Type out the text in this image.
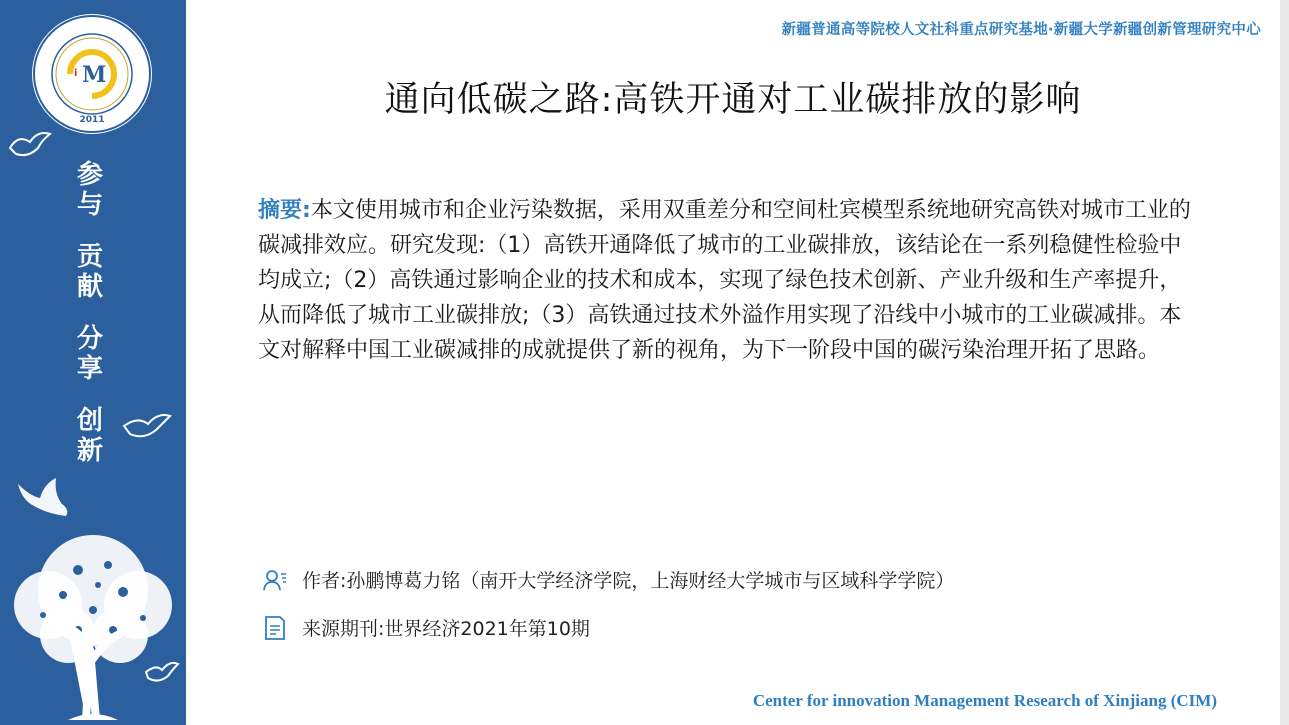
M
i
2011
参
与
贡
献
分
享
创
新
新疆普通高等院校人文社科重点研究基地·新疆大学新疆创新管理研究中心
通向低碳之路:高铁开通对工业碳排放的影响
摘要:本文使用城市和企业污染数据，采用双重差分和空间杜宾模型系统地研究高铁对城市工业的碳减排效应。研究发现:（1）高铁开通降低了城市的工业碳排放，该结论在一系列稳健性检验中均成立;（2）高铁通过影响企业的技术和成本，实现了绿色技术创新、产业升级和生产率提升，从而降低了城市工业碳排放;（3）高铁通过技术外溢作用实现了沿线中小城市的工业碳减排。本文对解释中国工业碳减排的成就提供了新的视角，为下一阶段中国的碳污染治理开拓了思路。
作者:孙鹏博葛力铭（南开大学经济学院，上海财经大学城市与区域科学学院）
来源期刊:世界经济2021年第10期
Center for innovation Management Research of Xinjiang (CIM)
